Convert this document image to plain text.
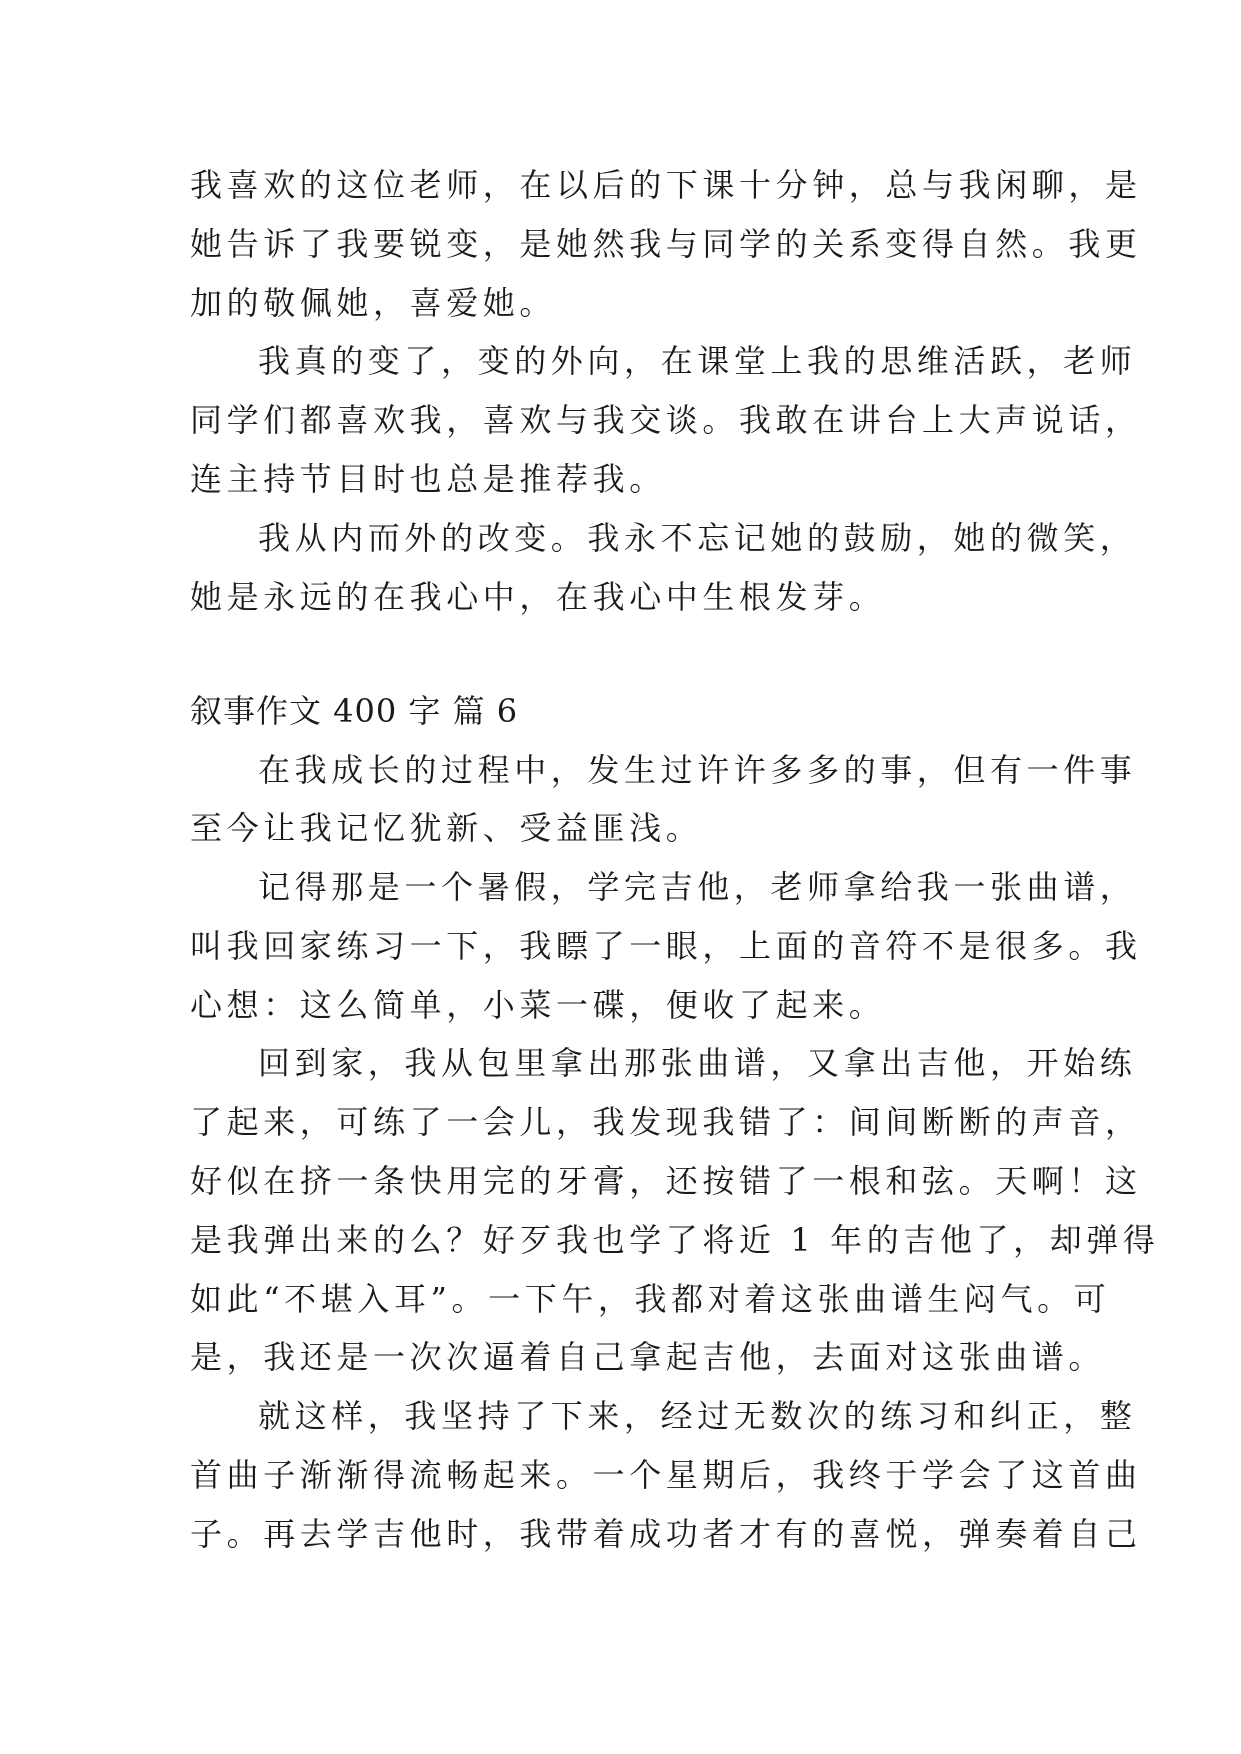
我喜欢的这位老师，在以后的下课十分钟，总与我闲聊，是
她告诉了我要锐变，是她然我与同学的关系变得自然。我更
加的敬佩她，喜爱她。
我真的变了，变的外向，在课堂上我的思维活跃，老师
同学们都喜欢我，喜欢与我交谈。我敢在讲台上大声说话，
连主持节目时也总是推荐我。
我从内而外的改变。我永不忘记她的鼓励，她的微笑，
她是永远的在我心中，在我心中生根发芽。
叙事作文 400 字 篇 6
在我成长的过程中，发生过许许多多的事，但有一件事
至今让我记忆犹新、受益匪浅。
记得那是一个暑假，学完吉他，老师拿给我一张曲谱，
叫我回家练习一下，我瞟了一眼，上面的音符不是很多。我
心想：这么简单，小菜一碟，便收了起来。
回到家，我从包里拿出那张曲谱，又拿出吉他，开始练
了起来，可练了一会儿，我发现我错了：间间断断的声音，
好似在挤一条快用完的牙膏，还按错了一根和弦。天啊！这
是我弹出来的么？好歹我也学了将近 1 年的吉他了，却弹得
如此“不堪入耳”。一下午，我都对着这张曲谱生闷气。可
是，我还是一次次逼着自己拿起吉他，去面对这张曲谱。
就这样，我坚持了下来，经过无数次的练习和纠正，整
首曲子渐渐得流畅起来。一个星期后，我终于学会了这首曲
子。再去学吉他时，我带着成功者才有的喜悦，弹奏着自己
